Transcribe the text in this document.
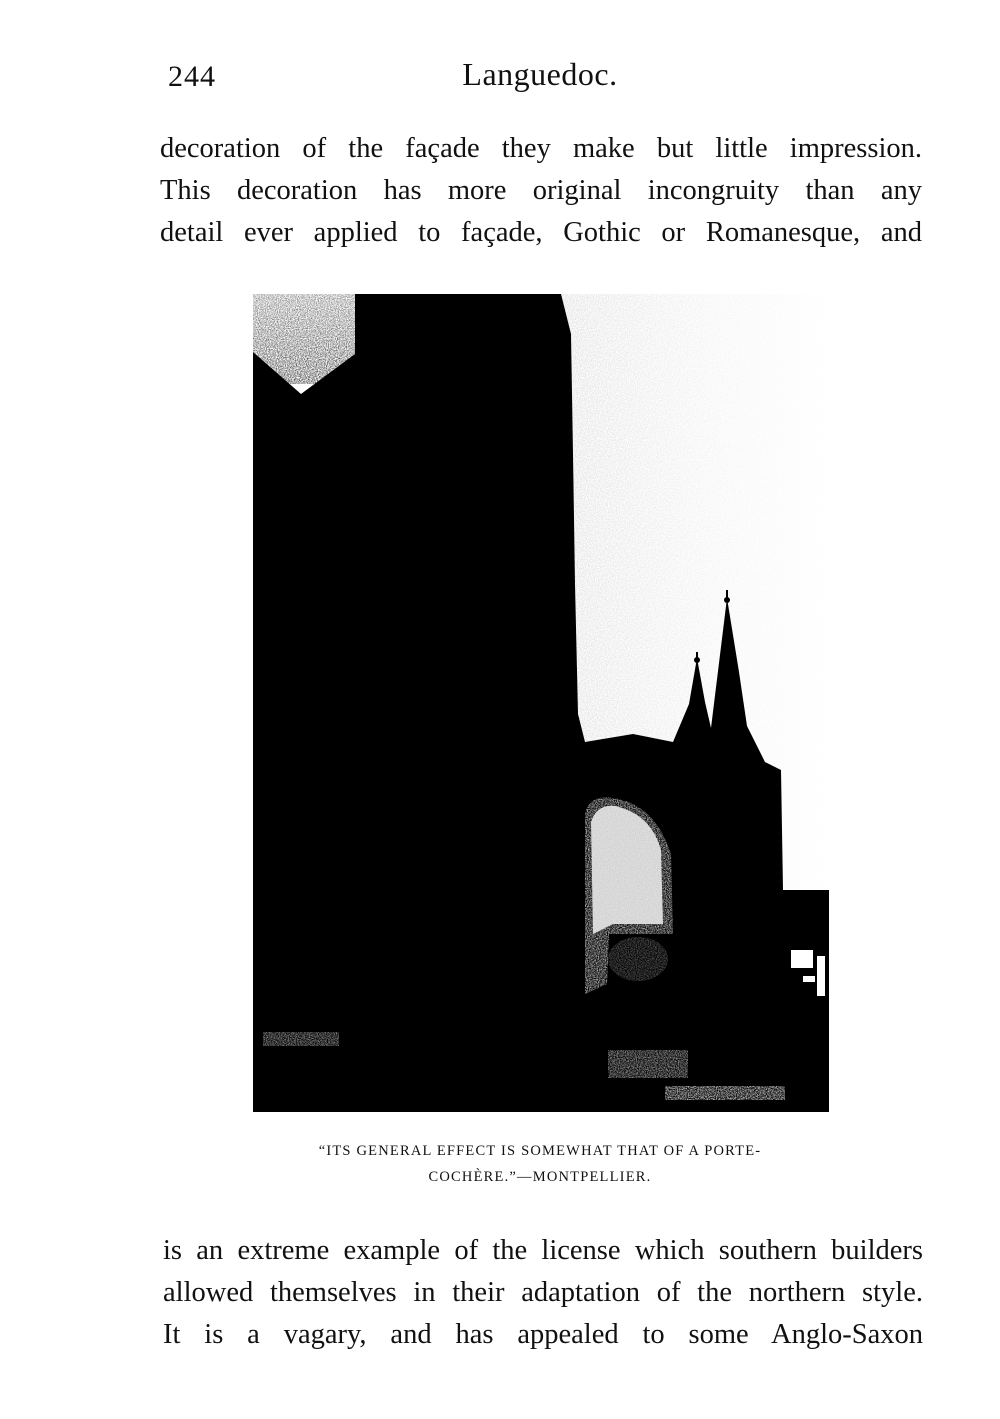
244	Languedoc.
decoration of the façade they make but little impression.
This decoration has more original incongruity than any
detail ever applied to façade, Gothic or Romanesque, and
“ITS GENERAL EFFECT IS SOMEWHAT THAT OF A PORTE-
COCHÈRE.”—MONTPELLIER.
is an extreme example of the license which southern builders
allowed themselves in their adaptation of the northern style.
It is a vagary, and has appealed to some Anglo-Saxon
